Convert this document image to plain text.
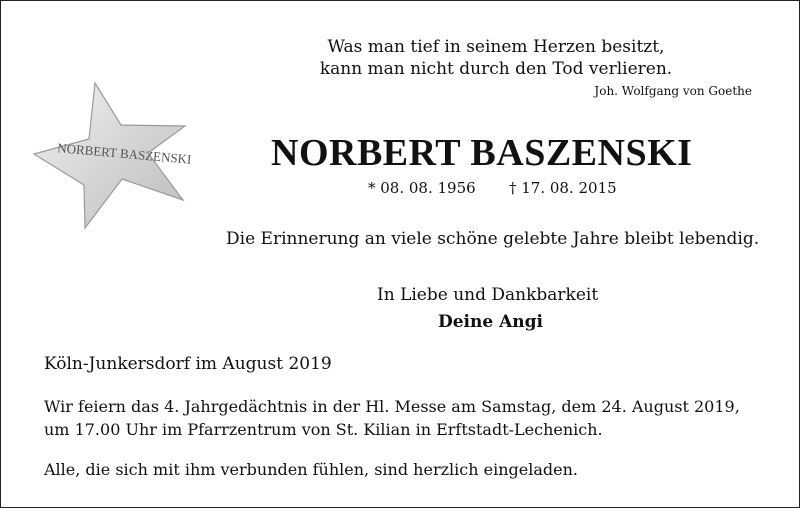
Was man tief in seinem Herzen besitzt,
kann man nicht durch den Tod verlieren.
Joh. Wolfgang von Goethe
NORBERT BASZENSKI NORBERT BASZENSKI
* 08. 08. 1956 † 17. 08. 2015
Die Erinnerung an viele schöne gelebte Jahre bleibt lebendig.
In Liebe und Dankbarkeit
Deine Angi
Köln-Junkersdorf im August 2019
Wir feiern das 4. Jahrgedächtnis in der Hl. Messe am Samstag, dem 24. August 2019,
um 17.00 Uhr im Pfarrzentrum von St. Kilian in Erftstadt-Lechenich.
Alle, die sich mit ihm verbunden fühlen, sind herzlich eingeladen.
